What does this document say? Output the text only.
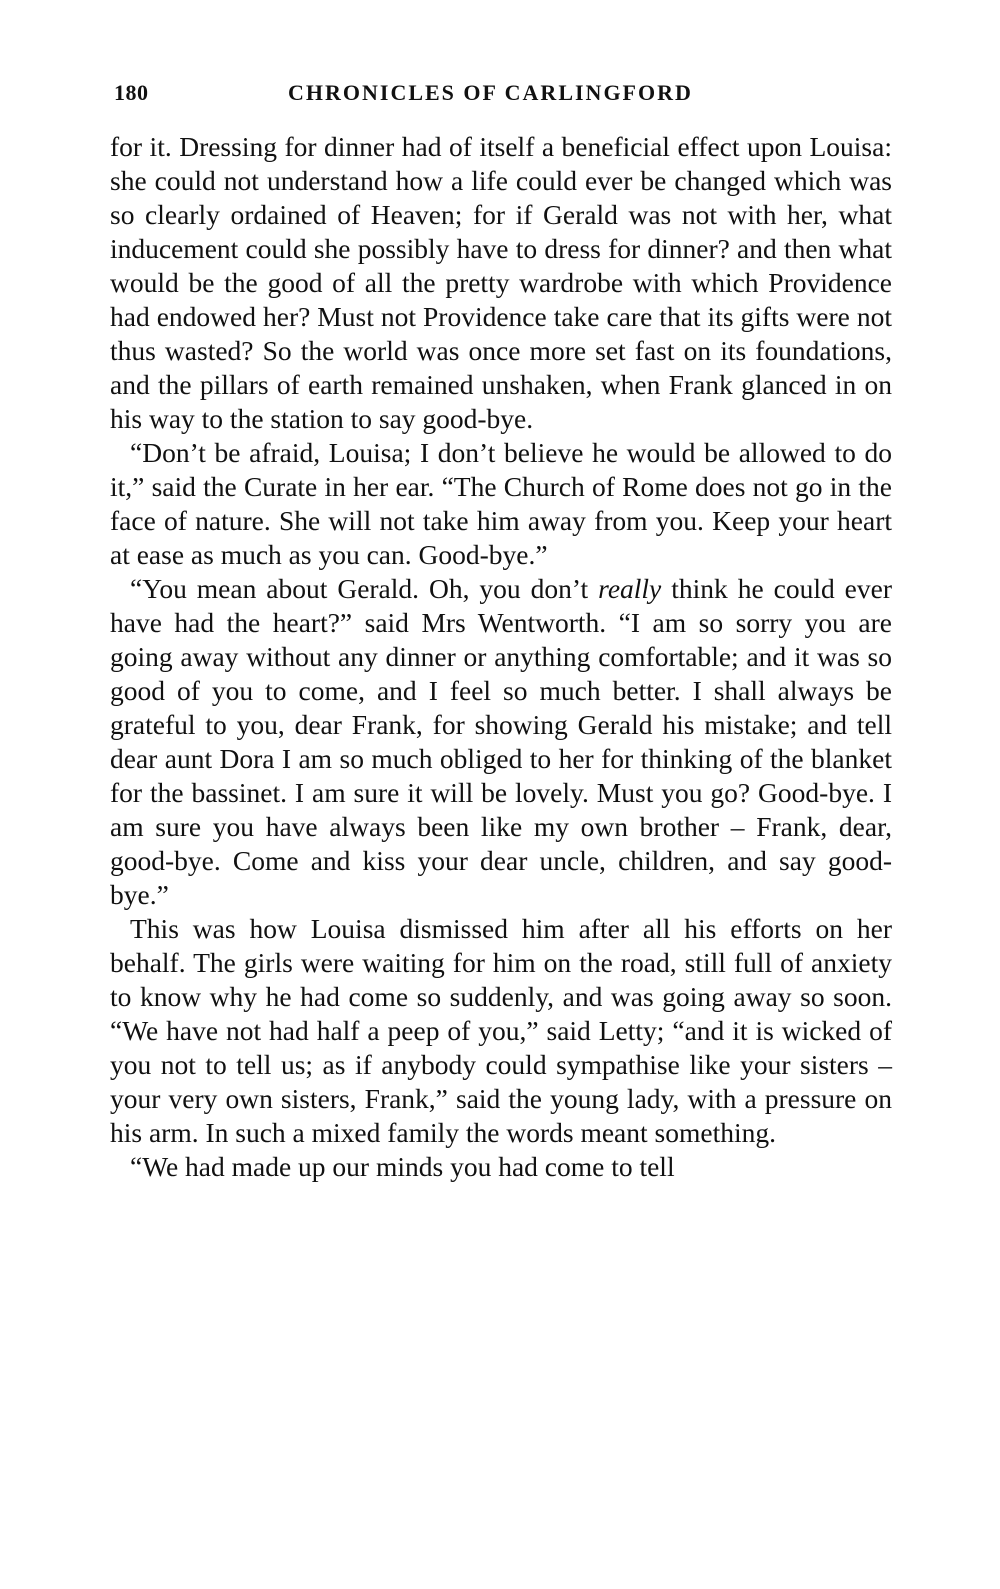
180	CHRONICLES OF CARLINGFORD

for it. Dressing for dinner had of itself a beneficial effect upon Louisa: she could not understand how a life could ever be changed which was so clearly ordained of Heaven; for if Gerald was not with her, what inducement could she possibly have to dress for dinner? and then what would be the good of all the pretty wardrobe with which Providence had endowed her? Must not Providence take care that its gifts were not thus wasted? So the world was once more set fast on its foundations, and the pillars of earth remained unshaken, when Frank glanced in on his way to the station to say good-bye.

“Don’t be afraid, Louisa; I don’t believe he would be allowed to do it,” said the Curate in her ear. “The Church of Rome does not go in the face of nature. She will not take him away from you. Keep your heart at ease as much as you can. Good-bye.”

“You mean about Gerald. Oh, you don’t really think he could ever have had the heart?” said Mrs Wentworth. “I am so sorry you are going away without any dinner or anything comfortable; and it was so good of you to come, and I feel so much better. I shall always be grateful to you, dear Frank, for showing Gerald his mistake; and tell dear aunt Dora I am so much obliged to her for thinking of the blanket for the bassinet. I am sure it will be lovely. Must you go? Good-bye. I am sure you have always been like my own brother – Frank, dear, good-bye. Come and kiss your dear uncle, children, and say good-bye.”

This was how Louisa dismissed him after all his efforts on her behalf. The girls were waiting for him on the road, still full of anxiety to know why he had come so suddenly, and was going away so soon. “We have not had half a peep of you,” said Letty; “and it is wicked of you not to tell us; as if anybody could sympathise like your sisters – your very own sisters, Frank,” said the young lady, with a pressure on his arm. In such a mixed family the words meant something.

“We had made up our minds you had come to tell
